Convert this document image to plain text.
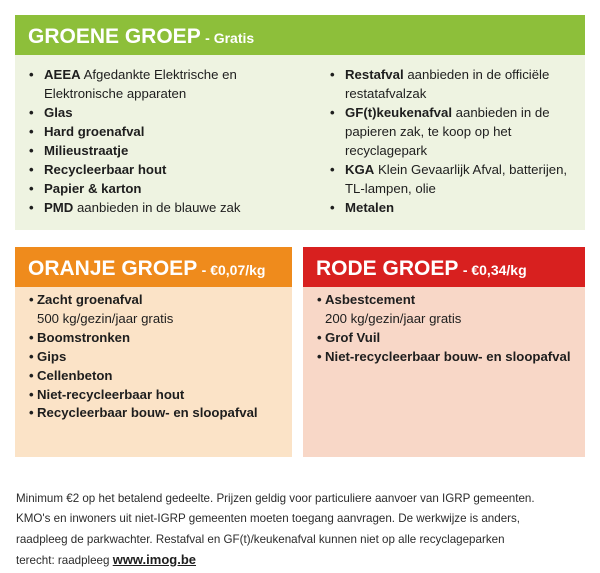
GROENE GROEP - Gratis
• AEEA Afgedankte Elektrische en Elektronische apparaten
• Glas
• Hard groenafval
• Milieustraatje
• Recycleerbaar hout
• Papier & karton
• PMD aanbieden in de blauwe zak
• Restafval aanbieden in de officiële restatafvalzak
• GF(t)keukenafval aanbieden in de papieren zak, te koop op het recyclagepark
• KGA Klein Gevaarlijk Afval, batterijen, TL-lampen, olie
• Metalen
ORANJE GROEP - €0,07/kg
• Zacht groenafval
500 kg/gezin/jaar gratis
• Boomstronken
• Gips
• Cellenbeton
• Niet-recycleerbaar hout
• Recycleerbaar bouw- en sloopafval
RODE GROEP - €0,34/kg
• Asbestcement
200 kg/gezin/jaar gratis
• Grof Vuil
• Niet-recycleerbaar bouw- en sloopafval
Minimum €2 op het betalend gedeelte. Prijzen geldig voor particuliere aanvoer van IGRP gemeenten.
KMO's en inwoners uit niet-IGRP gemeenten moeten toegang aanvragen. De werkwijze is anders,
raadpleeg de parkwachter. Restafval en GF(t)/keukenafval kunnen niet op alle recyclageparken
terecht: raadpleeg www.imog.be
